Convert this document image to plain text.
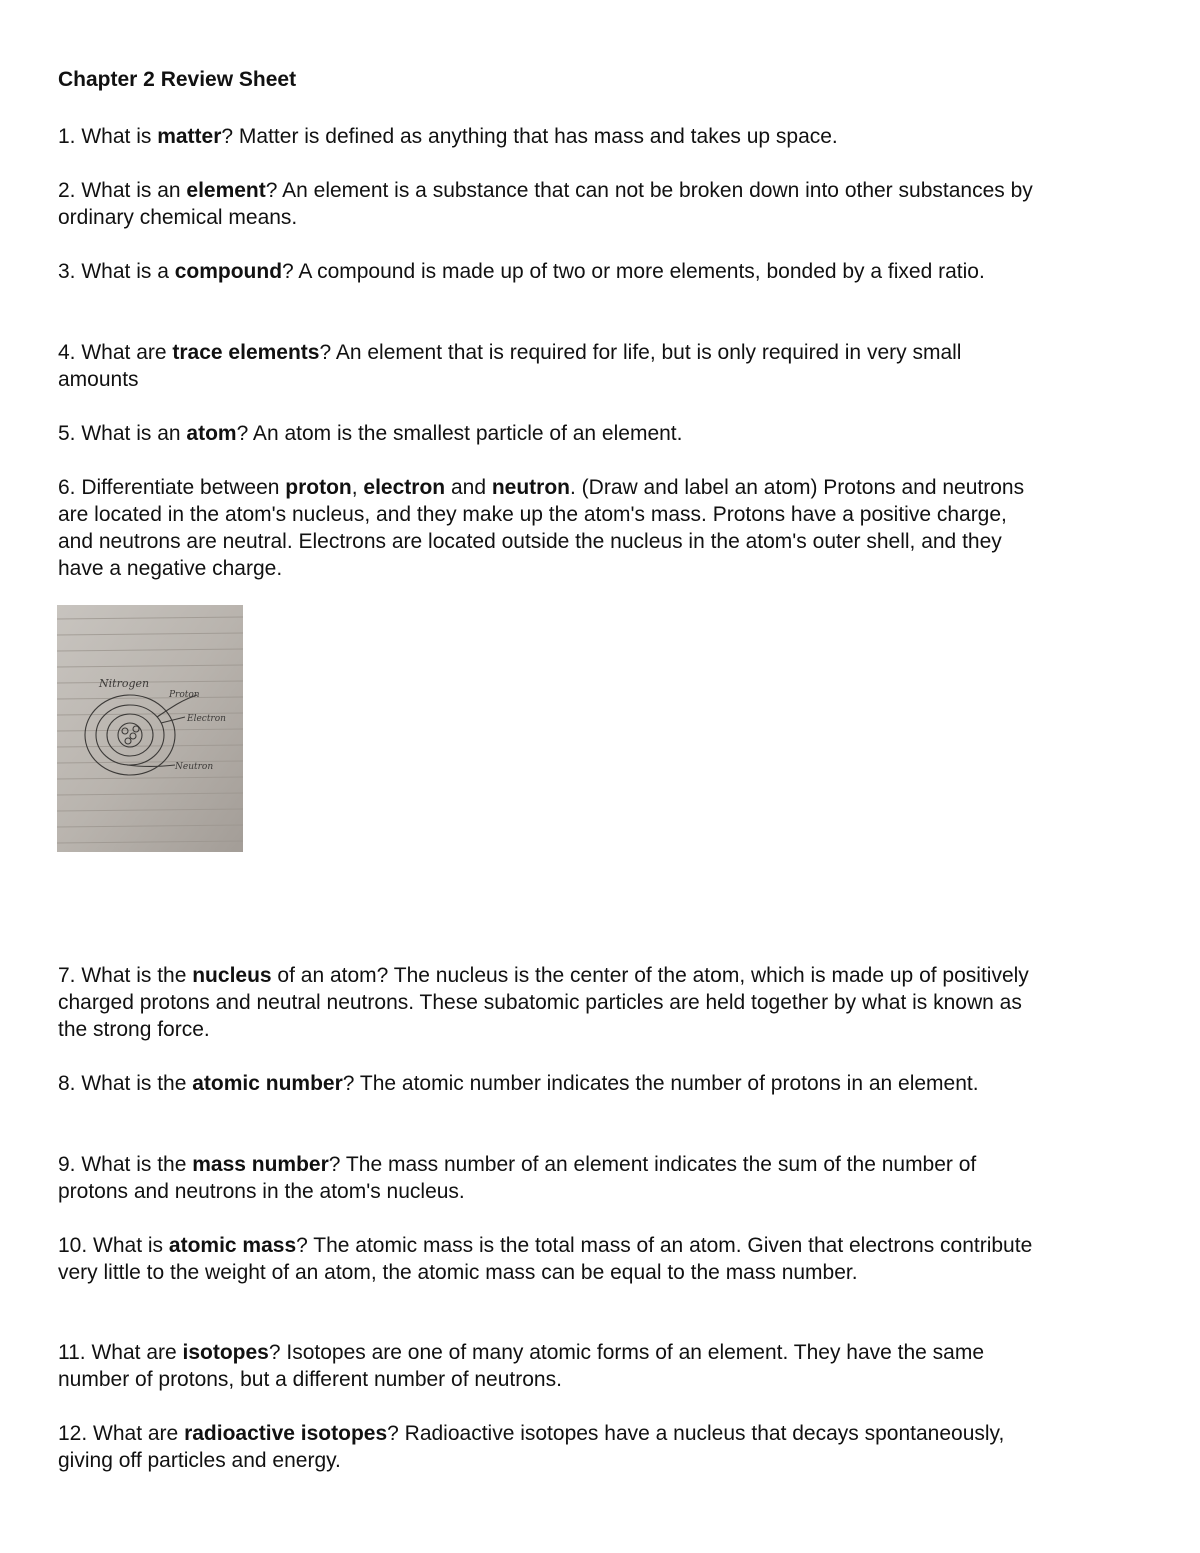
Chapter 2 Review Sheet

1. What is matter? Matter is defined as anything that has mass and takes up space.

2. What is an element? An element is a substance that can not be broken down into other substances by ordinary chemical means.

3. What is a compound? A compound is made up of two or more elements, bonded by a fixed ratio.

4. What are trace elements? An element that is required for life, but is only required in very small amounts

5. What is an atom? An atom is the smallest particle of an element.

6. Differentiate between proton, electron and neutron. (Draw and label an atom) Protons and neutrons are located in the atom's nucleus, and they make up the atom's mass. Protons have a positive charge, and neutrons are neutral. Electrons are located outside the nucleus in the atom's outer shell, and they have a negative charge.

Nitrogen
Proton
Electron
Neutron

7. What is the nucleus of an atom? The nucleus is the center of the atom, which is made up of positively charged protons and neutral neutrons. These subatomic particles are held together by what is known as the strong force.

8. What is the atomic number? The atomic number indicates the number of protons in an element.

9. What is the mass number? The mass number of an element indicates the sum of the number of protons and neutrons in the atom's nucleus.

10. What is atomic mass? The atomic mass is the total mass of an atom. Given that electrons contribute very little to the weight of an atom, the atomic mass can be equal to the mass number.

11. What are isotopes? Isotopes are one of many atomic forms of an element. They have the same number of protons, but a different number of neutrons.

12. What are radioactive isotopes? Radioactive isotopes have a nucleus that decays spontaneously, giving off particles and energy.
